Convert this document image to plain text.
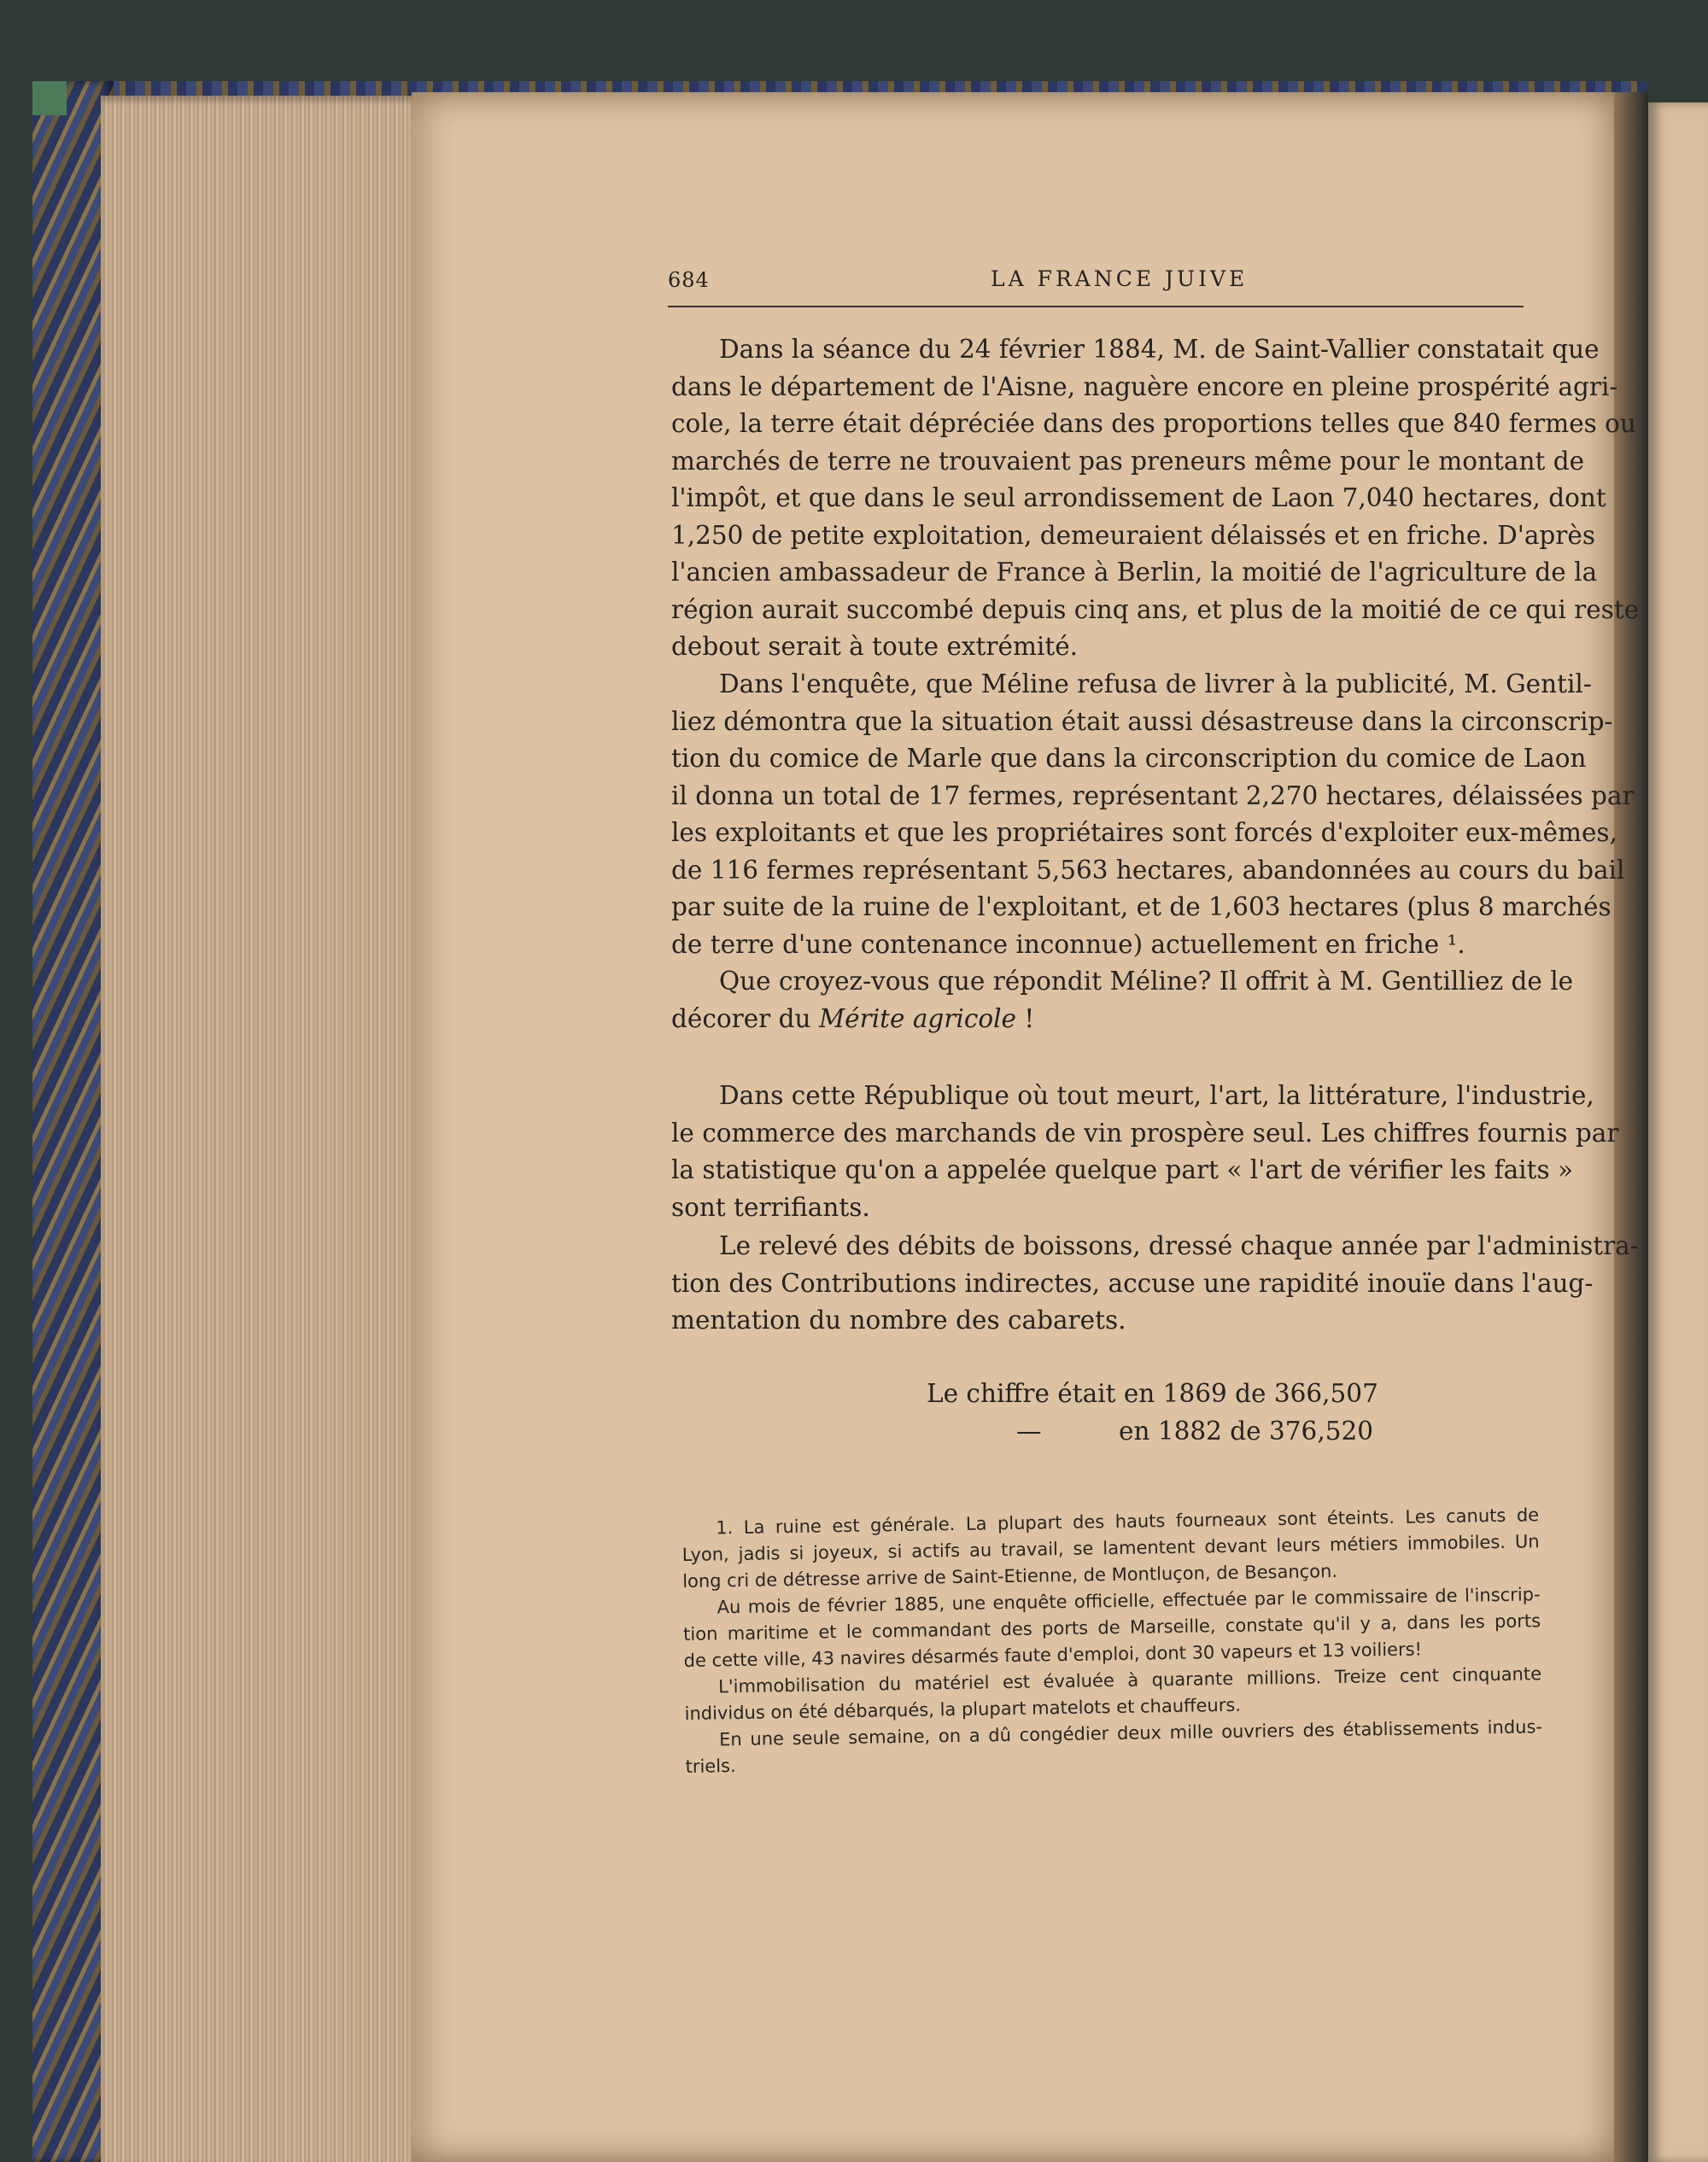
684	LA FRANCE JUIVE
Dans la séance du 24 février 1884, M. de Saint-Vallier constatait que
dans le département de l'Aisne, naguère encore en pleine prospérité agri-
cole, la terre était dépréciée dans des proportions telles que 840 fermes ou
marchés de terre ne trouvaient pas preneurs même pour le montant de
l'impôt, et que dans le seul arrondissement de Laon 7,040 hectares, dont
1,250 de petite exploitation, demeuraient délaissés et en friche. D'après
l'ancien ambassadeur de France à Berlin, la moitié de l'agriculture de la
région aurait succombé depuis cinq ans, et plus de la moitié de ce qui reste
debout serait à toute extrémité.
Dans l'enquête, que Méline refusa de livrer à la publicité, M. Gentil-
liez démontra que la situation était aussi désastreuse dans la circonscrip-
tion du comice de Marle que dans la circonscription du comice de Laon
il donna un total de 17 fermes, représentant 2,270 hectares, délaissées par
les exploitants et que les propriétaires sont forcés d'exploiter eux-mêmes,
de 116 fermes représentant 5,563 hectares, abandonnées au cours du bail
par suite de la ruine de l'exploitant, et de 1,603 hectares (plus 8 marchés
de terre d'une contenance inconnue) actuellement en friche ¹.
Que croyez-vous que répondit Méline? Il offrit à M. Gentilliez de le
décorer du Mérite agricole !
Dans cette République où tout meurt, l'art, la littérature, l'industrie,
le commerce des marchands de vin prospère seul. Les chiffres fournis par
la statistique qu'on a appelée quelque part « l'art de vérifier les faits »
sont terrifiants.
Le relevé des débits de boissons, dressé chaque année par l'administra-
tion des Contributions indirectes, accuse une rapidité inouïe dans l'aug-
mentation du nombre des cabarets.
Le chiffre était en 1869 de 366,507
—	en 1882 de 376,520
1. La ruine est générale. La plupart des hauts fourneaux sont éteints. Les canuts de
Lyon, jadis si joyeux, si actifs au travail, se lamentent devant leurs métiers immobiles. Un
long cri de détresse arrive de Saint-Etienne, de Montluçon, de Besançon.
Au mois de février 1885, une enquête officielle, effectuée par le commissaire de l'inscrip-
tion maritime et le commandant des ports de Marseille, constate qu'il y a, dans les ports
de cette ville, 43 navires désarmés faute d'emploi, dont 30 vapeurs et 13 voiliers!
L'immobilisation du matériel est évaluée à quarante millions. Treize cent cinquante
individus on été débarqués, la plupart matelots et chauffeurs.
En une seule semaine, on a dû congédier deux mille ouvriers des établissements indus-
triels.
